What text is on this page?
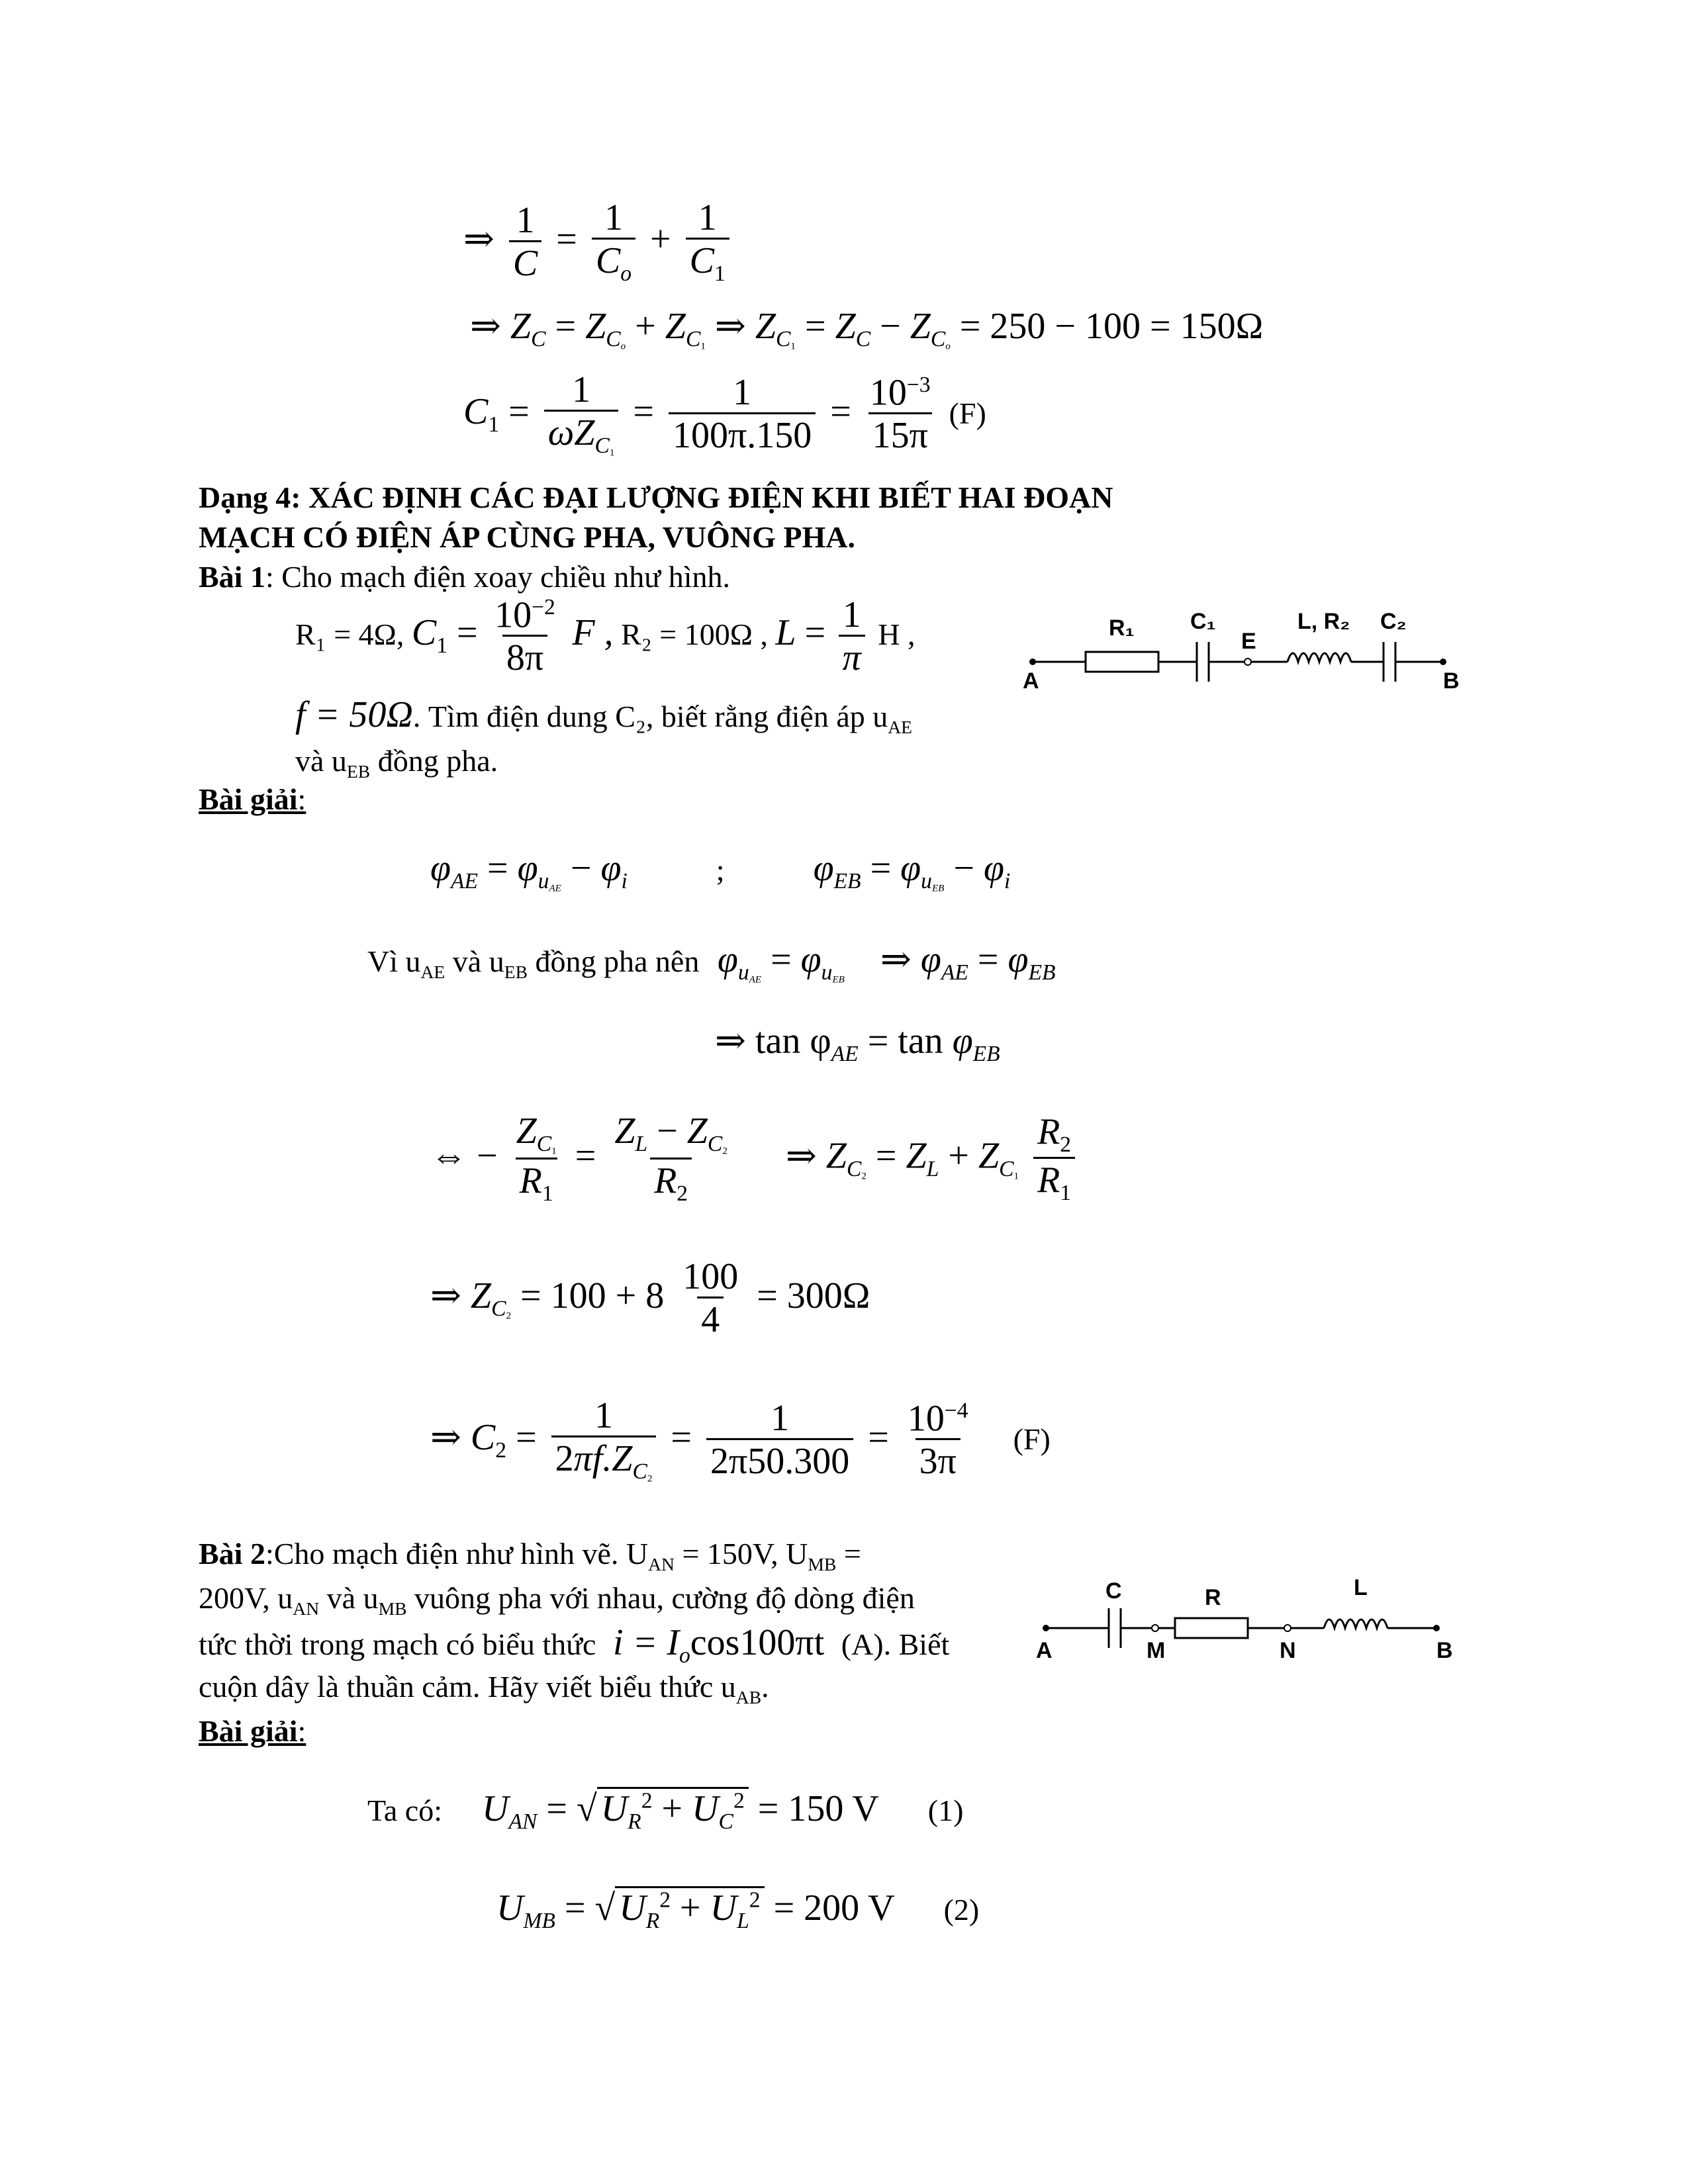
⇒ $\frac{1}{C} = \frac{1}{C_o} + \frac{1}{C_1}$
⇒ $Z_C = Z_{Co} + Z_{C1}$ ⇒ $Z_{C1} = Z_C - Z_{Co} = 250 - 100 = 150\Omega$
$C_1 = \frac{1}{\omega Z_{C1}} = \frac{1}{100\pi.150} = \frac{10^{-3}}{15\pi} (F)$
Dạng 4: XÁC ĐỊNH CÁC ĐẠI LƯỢNG ĐIỆN KHI BIẾT HAI ĐOẠN
MẠCH CÓ ĐIỆN ÁP CÙNG PHA, VUÔNG PHA.
Bài 1: Cho mạch điện xoay chiều như hình.
R₁ = 4Ω, $C_1 = \frac{10^{-2}}{8\pi}$ F , R₂ = 100Ω , $L = \frac{1}{\pi}$ H ,
f = 50Ω. Tìm điện dung C₂, biết rằng điện áp $u_{AE}$
và $u_{EB}$ đồng pha.
R₁ C₁
E
L, R₂ C₂
A	B
Bài giải:
$\varphi_{AE} = \varphi_{uAE} - \varphi_i$	; $\varphi_{EB} = \varphi_{uEB} - \varphi_i$
Vì $u_{AE}$ và $u_{EB}$ đồng pha nên $\varphi_{uAE} = \varphi_{uEB}$ ⇒ $\varphi_{AE} = \varphi_{EB}$
⇒ $\tan \varphi_{AE} = \tan \varphi_{EB}$
⇔ − $\frac{Z_{C1}}{R_1} = \frac{Z_L - Z_{C2}}{R_2}$ ⇒ $Z_{C2} = Z_L + Z_{C1} \frac{R_2}{R_1}$
⇒ $Z_{C2} = 100 + 8 \frac{100}{4} = 300\Omega$
⇒ $C_2 = \frac{1}{2\pi f.Z_{C2}} = \frac{1}{2\pi 50.300} = \frac{10^{-4}}{3\pi} (F)$
Bài 2:Cho mạch điện như hình vẽ. $U_{AN} = 150V$, $U_{MB}$ =
200V, $u_{AN}$ và $u_{MB}$ vuông pha với nhau, cường độ dòng điện
tức thời trong mạch có biểu thức $i = I_o\cos 100\pi t$ (A). Biết
cuộn dây là thuần cảm. Hãy viết biểu thức $u_{AB}$.
C	R	L
A	M	N	B
Bài giải:
Ta có: $U_{AN}$ = √ $U_R^2 + U_C^2 = 150$ V (1)
$U_{MB}$ = √ $U_R^2 + U_L^2 = 200$ V (2)
